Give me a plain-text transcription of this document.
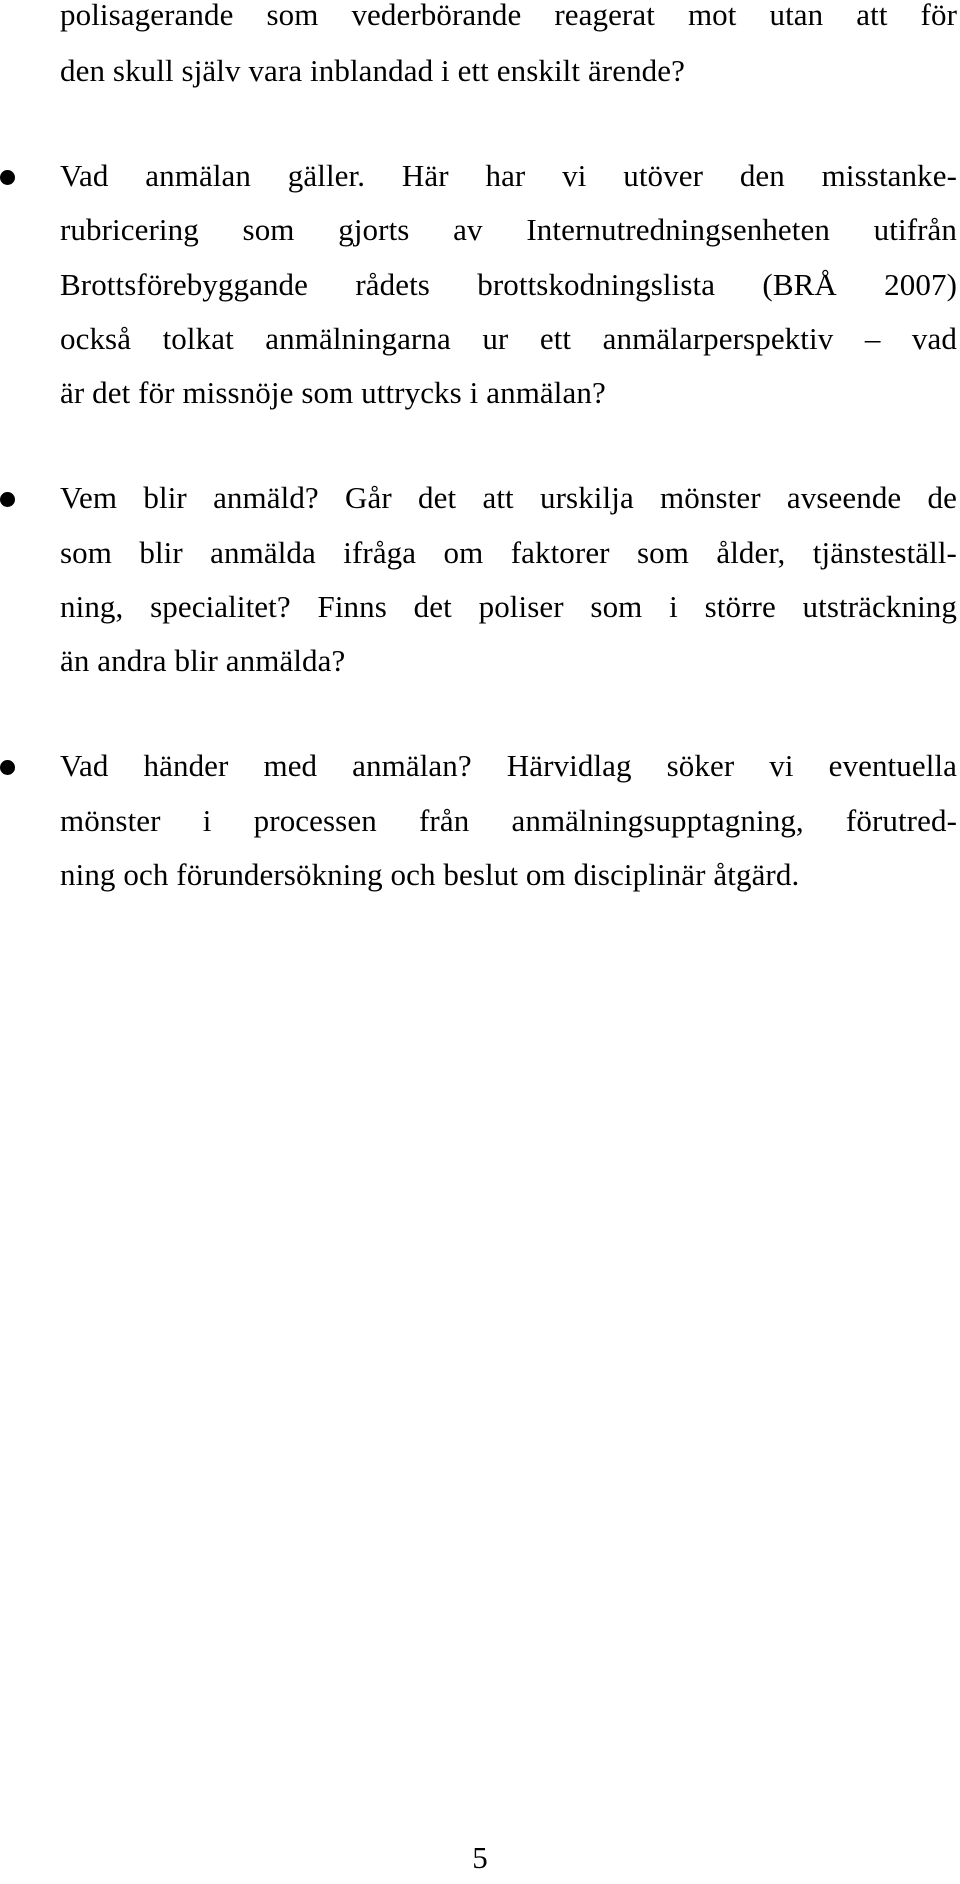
polisagerande som vederbörande reagerat mot utan att för
den skull själv vara inblandad i ett enskilt ärende?
Vad anmälan gäller. Här har vi utöver den misstanke-
rubricering som gjorts av Internutredningsenheten utifrån
Brottsförebyggande rådets brottskodningslista (BRÅ 2007)
också tolkat anmälningarna ur ett anmälarperspektiv – vad
är det för missnöje som uttrycks i anmälan?
Vem blir anmäld? Går det att urskilja mönster avseende de
som blir anmälda ifråga om faktorer som ålder, tjänsteställ-
ning, specialitet? Finns det poliser som i större utsträckning
än andra blir anmälda?
Vad händer med anmälan? Härvidlag söker vi eventuella
mönster i processen från anmälningsupptagning, förutred-
ning och förundersökning och beslut om disciplinär åtgärd.
5
